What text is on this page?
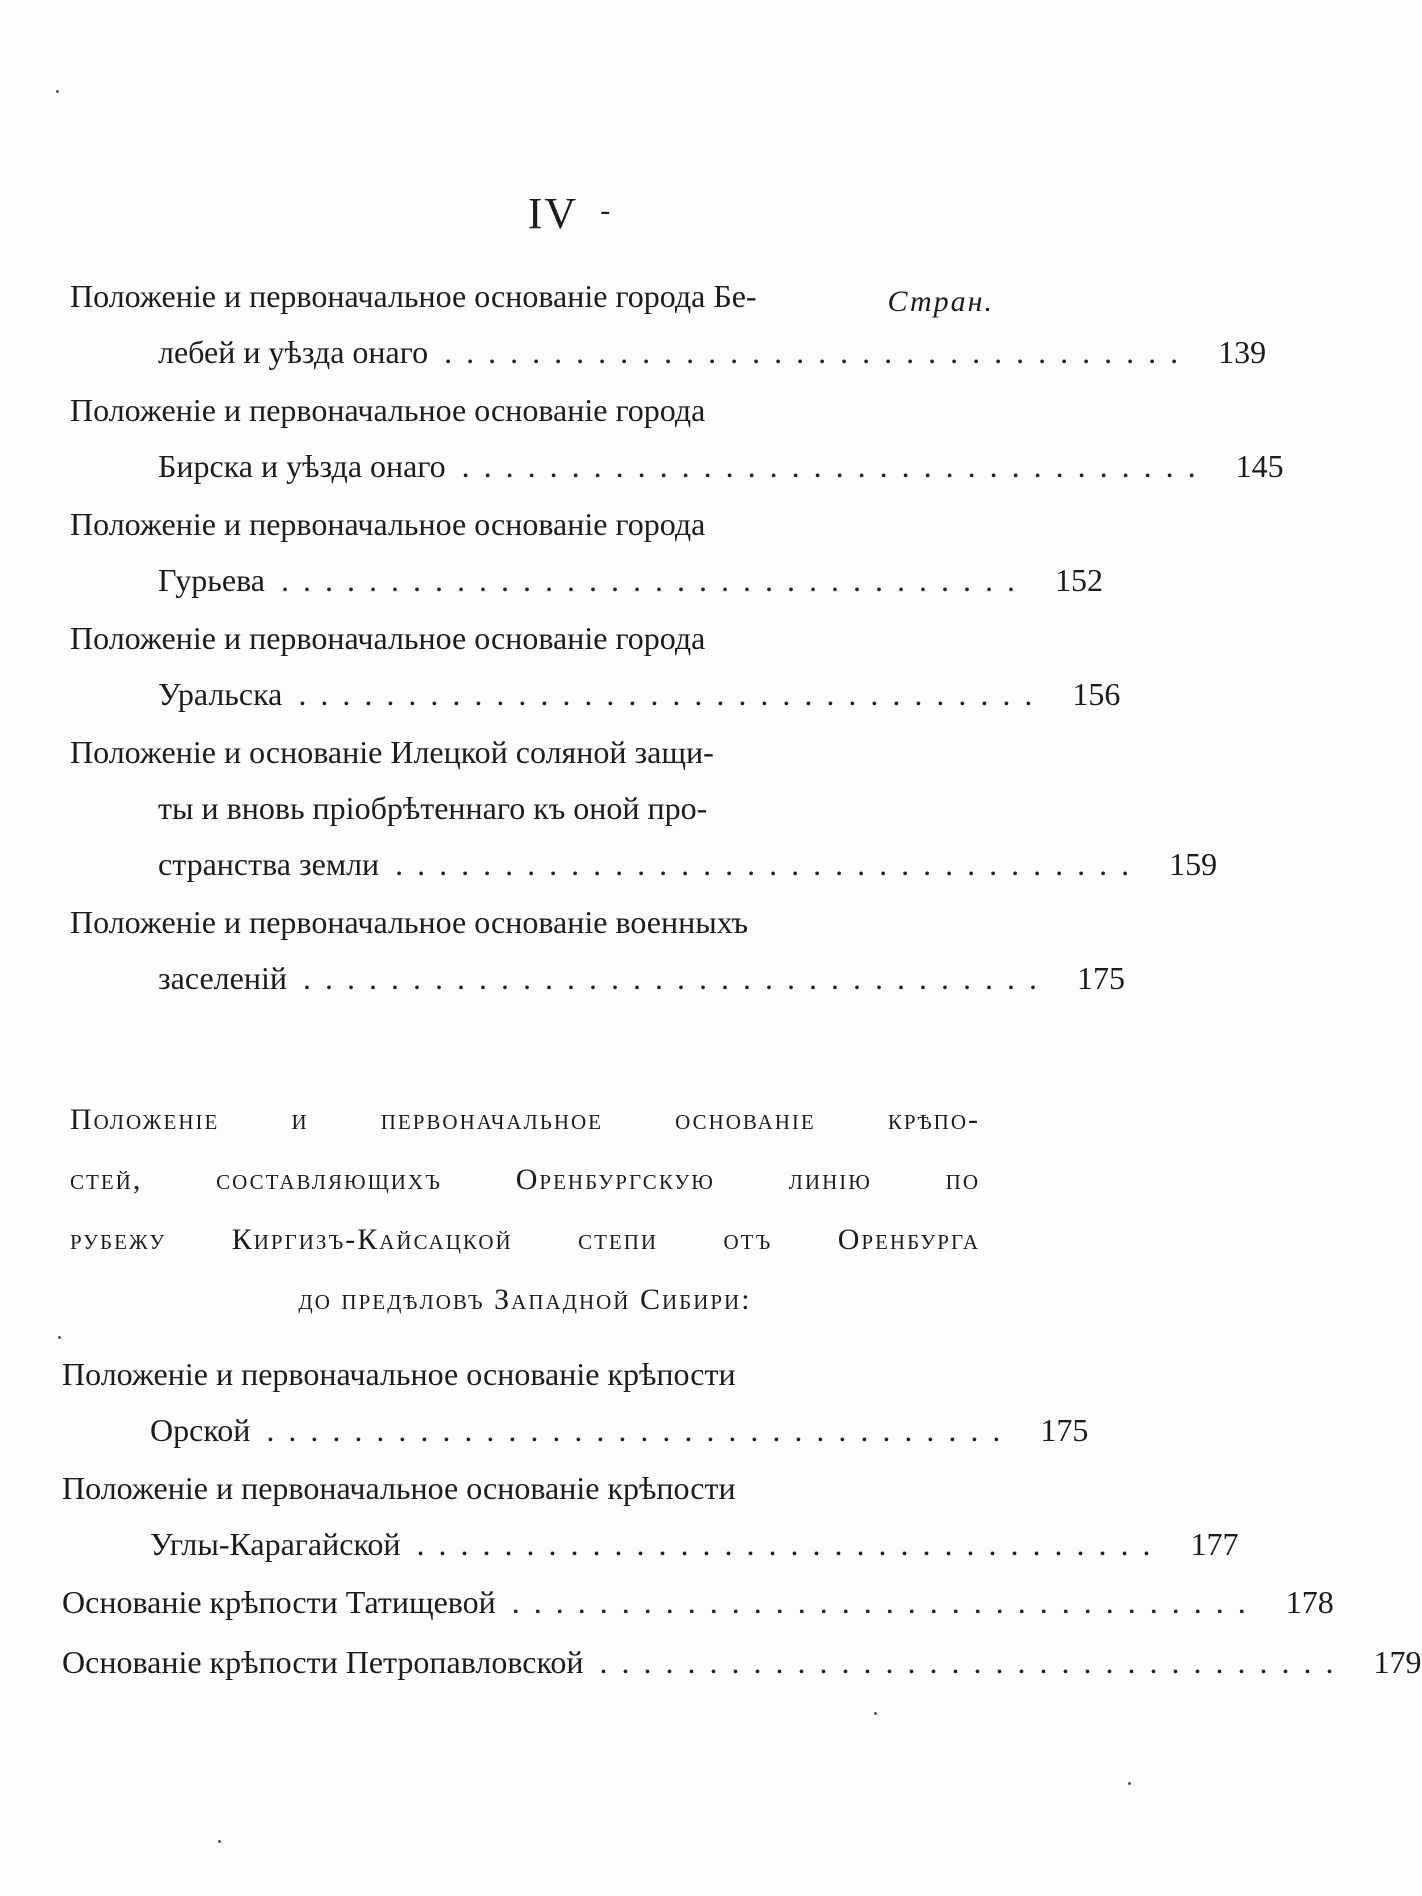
IV -
Стран.
Положеніе и первоначальное основаніе города Бе-
лебей и уѣзда онаго .................................. 139
Положеніе и первоначальное основаніе города
Бирска и уѣзда онаго .................................. 145
Положеніе и первоначальное основаніе города
Гурьева .................................. 152
Положеніе и первоначальное основаніе города
Уральска .................................. 156
Положеніе и основаніе Илецкой соляной защи-
ты и вновь пріобрѣтеннаго къ оной про-
странства земли .................................. 159
Положеніе и первоначальное основаніе военныхъ
заселеній .................................. 175
Положеніе и первоначальное основаніе крѣпо-
стей, составляющихъ Оренбургскую линію по
рубежу Киргизъ-Кайсацкой степи отъ Оренбурга
до предѣловъ Западной Сибири:
Положеніе и первоначальное основаніе крѣпости
Орской .................................. 175
Положеніе и первоначальное основаніе крѣпости
Углы-Карагайской .................................. 177
Основаніе крѣпости Татищевой .................................. 178
Основаніе крѣпости Петропавловской .................................. 179
